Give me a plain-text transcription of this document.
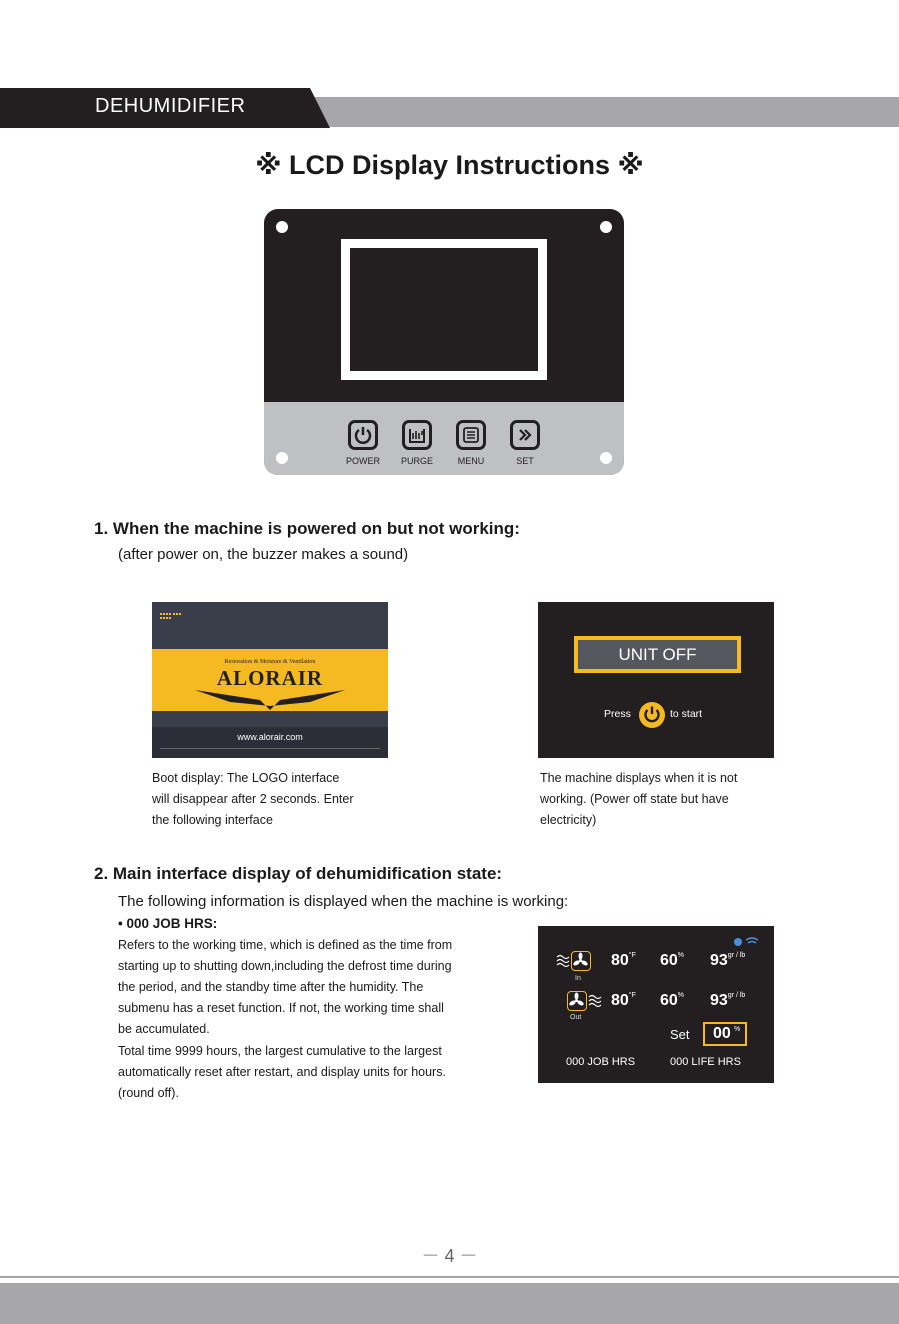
DEHUMIDIFIER
※ LCD Display Instructions ※
POWER	PURGE	MENU	SET
1. When the machine is powered on but not working:
(after power on, the buzzer makes a sound)
Restoration & Moisture & Ventilation
ALORAIR
www.alorair.com
UNIT OFF
Press	to start
Boot display: The LOGO interface
will disappear after 2 seconds. Enter
the following interface
The machine displays when it is not
working. (Power off state but have
electricity)
2. Main interface display of dehumidification state:
The following information is displayed when the machine is working:
• 000 JOB HRS:
Refers to the working time, which is defined as the time from
starting up to shutting down,including the defrost time during
the period, and the standby time after the humidity. The
submenu has a reset function. If not, the working time shall
be accumulated.
Total time 9999 hours, the largest cumulative to the largest
automatically reset after restart, and display units for hours.
(round off).
In
$80^{^\circ F}$ 60% $93^{gr / lb}$
Out
$80^{^\circ F}$ 60% $93^{gr / lb}$
Set 00 %
000 JOB HRS	000 LIFE HRS
－ 4 －
